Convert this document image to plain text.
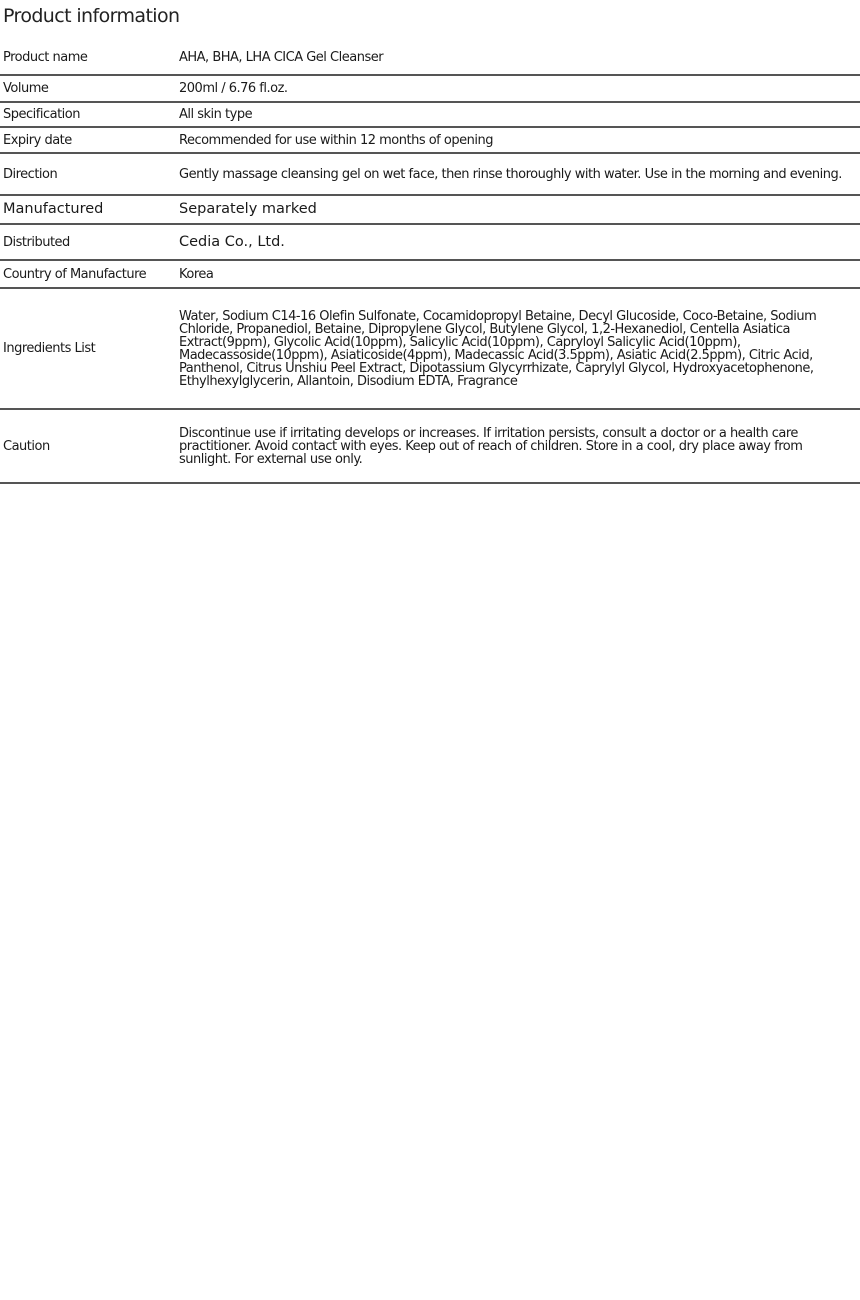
Product information
Product name	AHA, BHA, LHA CICA Gel Cleanser
Volume	200ml / 6.76 fl.oz.
Specification	All skin type
Expiry date	Recommended for use within 12 months of opening
Direction	Gently massage cleansing gel on wet face, then rinse thoroughly with water. Use in the morning and evening.
Manufactured	Separately marked
Distributed	Cedia Co., Ltd.
Country of Manufacture	Korea
Ingredients List	Water, Sodium C14-16 Olefin Sulfonate, Cocamidopropyl Betaine, Decyl Glucoside, Coco-Betaine, Sodium Chloride, Propanediol, Betaine, Dipropylene Glycol, Butylene Glycol, 1,2-Hexanediol, Centella Asiatica Extract(9ppm), Glycolic Acid(10ppm), Salicylic Acid(10ppm), Capryloyl Salicylic Acid(10ppm), Madecassoside(10ppm), Asiaticoside(4ppm), Madecassic Acid(3.5ppm), Asiatic Acid(2.5ppm), Citric Acid, Panthenol, Citrus Unshiu Peel Extract, Dipotassium Glycyrrhizate, Caprylyl Glycol, Hydroxyacetophenone, Ethylhexylglycerin, Allantoin, Disodium EDTA, Fragrance
Caution	Discontinue use if irritating develops or increases. If irritation persists, consult a doctor or a health care practitioner. Avoid contact with eyes. Keep out of reach of children. Store in a cool, dry place away from sunlight. For external use only.
